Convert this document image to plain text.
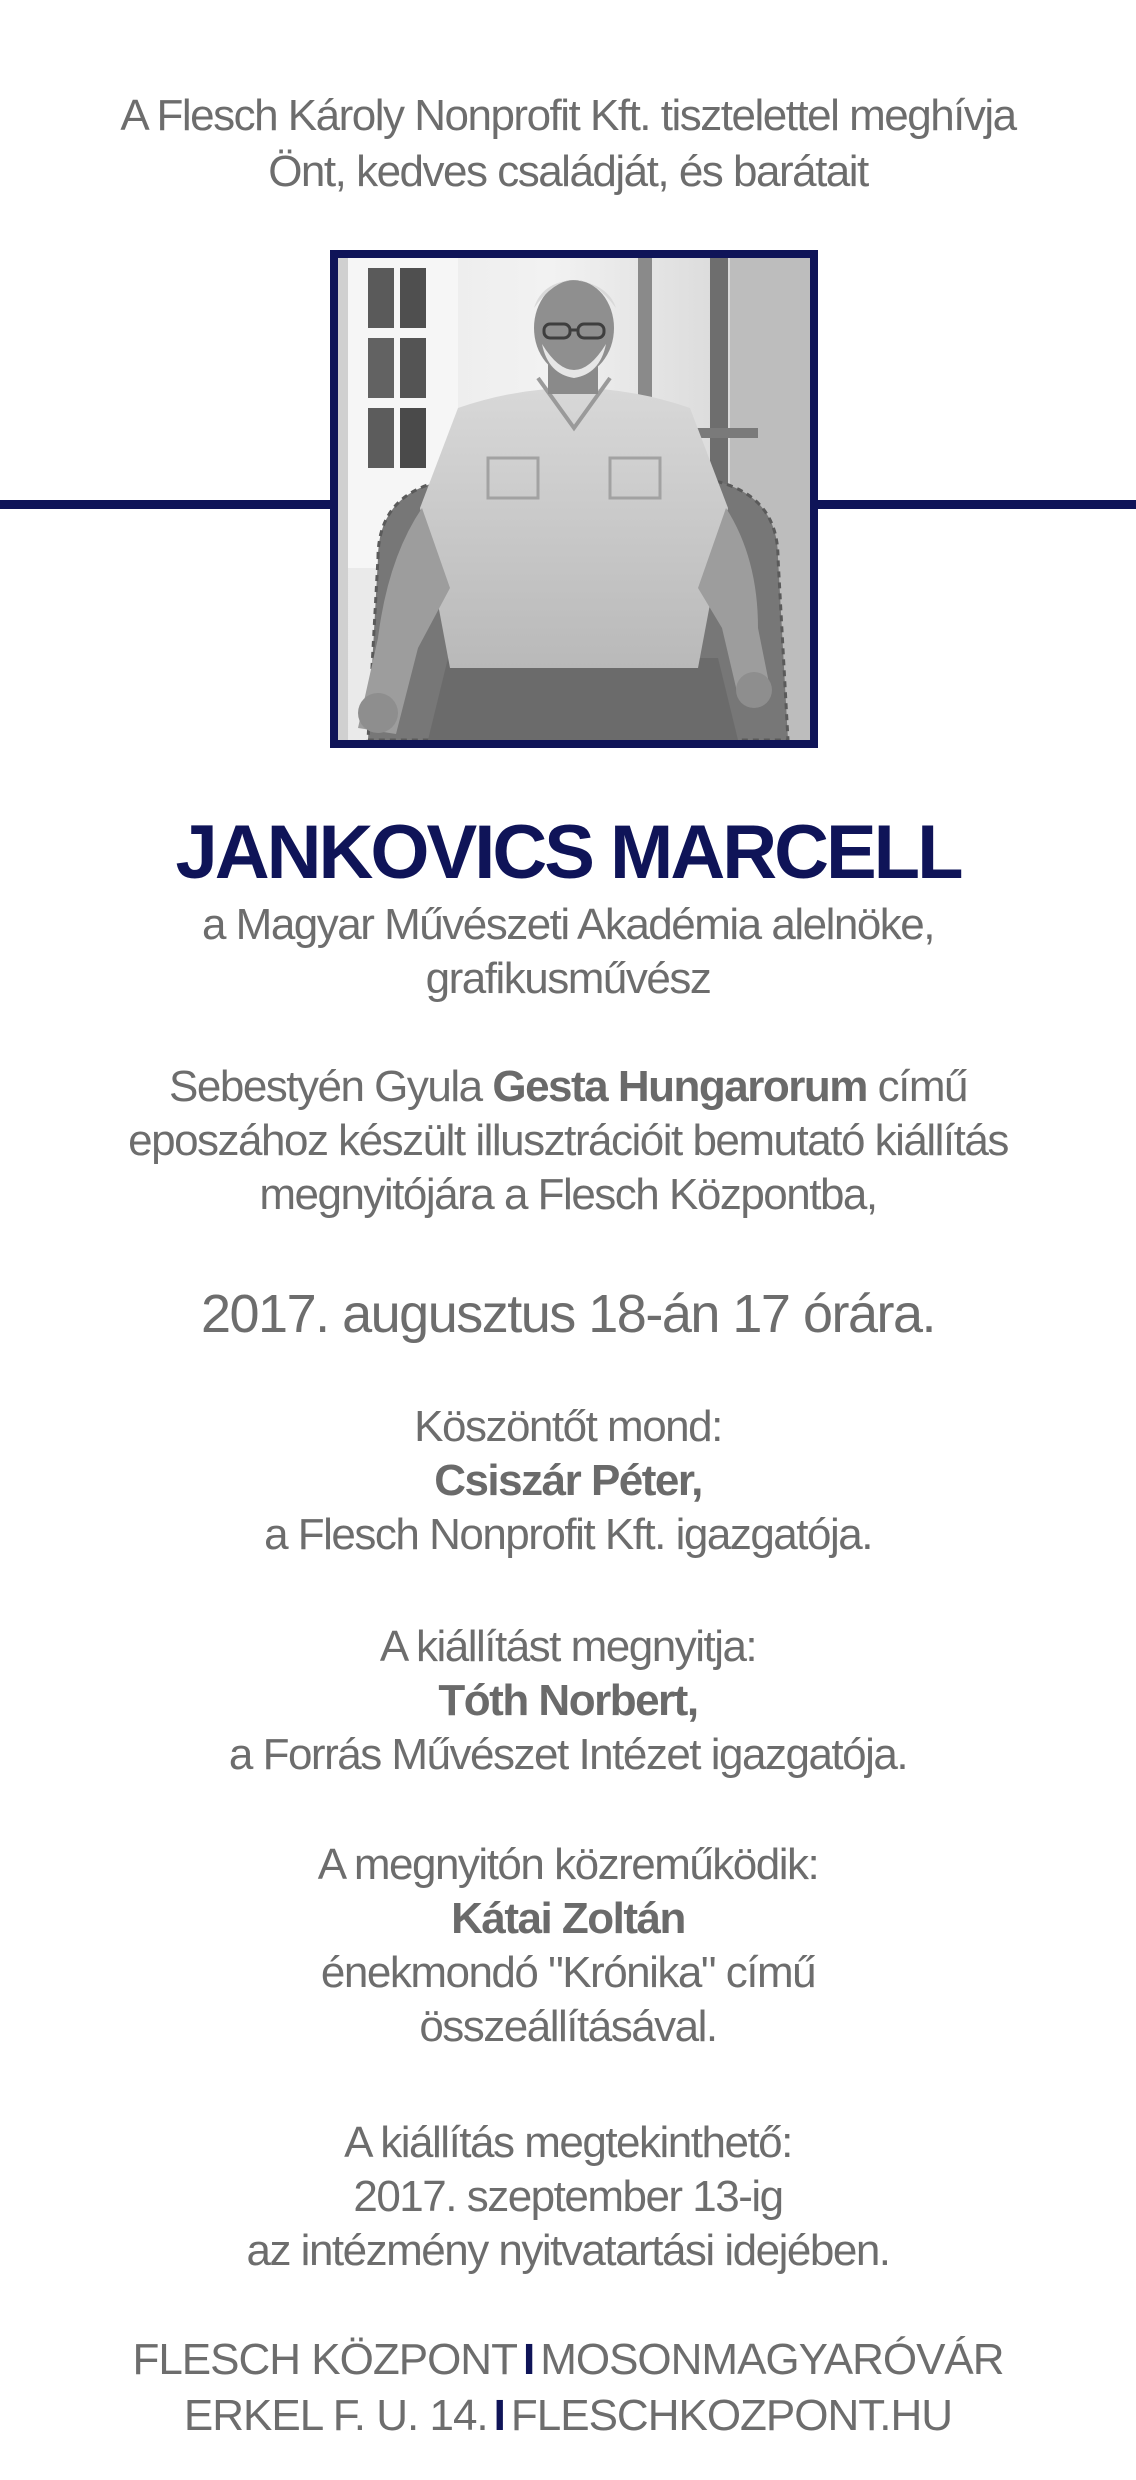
A Flesch Károly Nonprofit Kft. tisztelettel meghívja
Önt, kedves családját, és barátait
JANKOVICS MARCELL
a Magyar Művészeti Akadémia alelnöke,
grafikusművész
Sebestyén Gyula Gesta Hungarorum című
eposzához készült illusztrációit bemutató kiállítás
megnyitójára a Flesch Központba,
2017. augusztus 18-án 17 órára.
Köszöntőt mond:
Csiszár Péter,
a Flesch Nonprofit Kft. igazgatója.
A kiállítást megnyitja:
Tóth Norbert,
a Forrás Művészet Intézet igazgatója.
A megnyitón közreműködik:
Kátai Zoltán
énekmondó "Krónika" című
összeállításával.
A kiállítás megtekinthető:
2017. szeptember 13-ig
az intézmény nyitvatartási idejében.
FLESCH KÖZPONT I MOSONMAGYARÓVÁR
ERKEL F. U. 14. I FLESCHKOZPONT.HU
